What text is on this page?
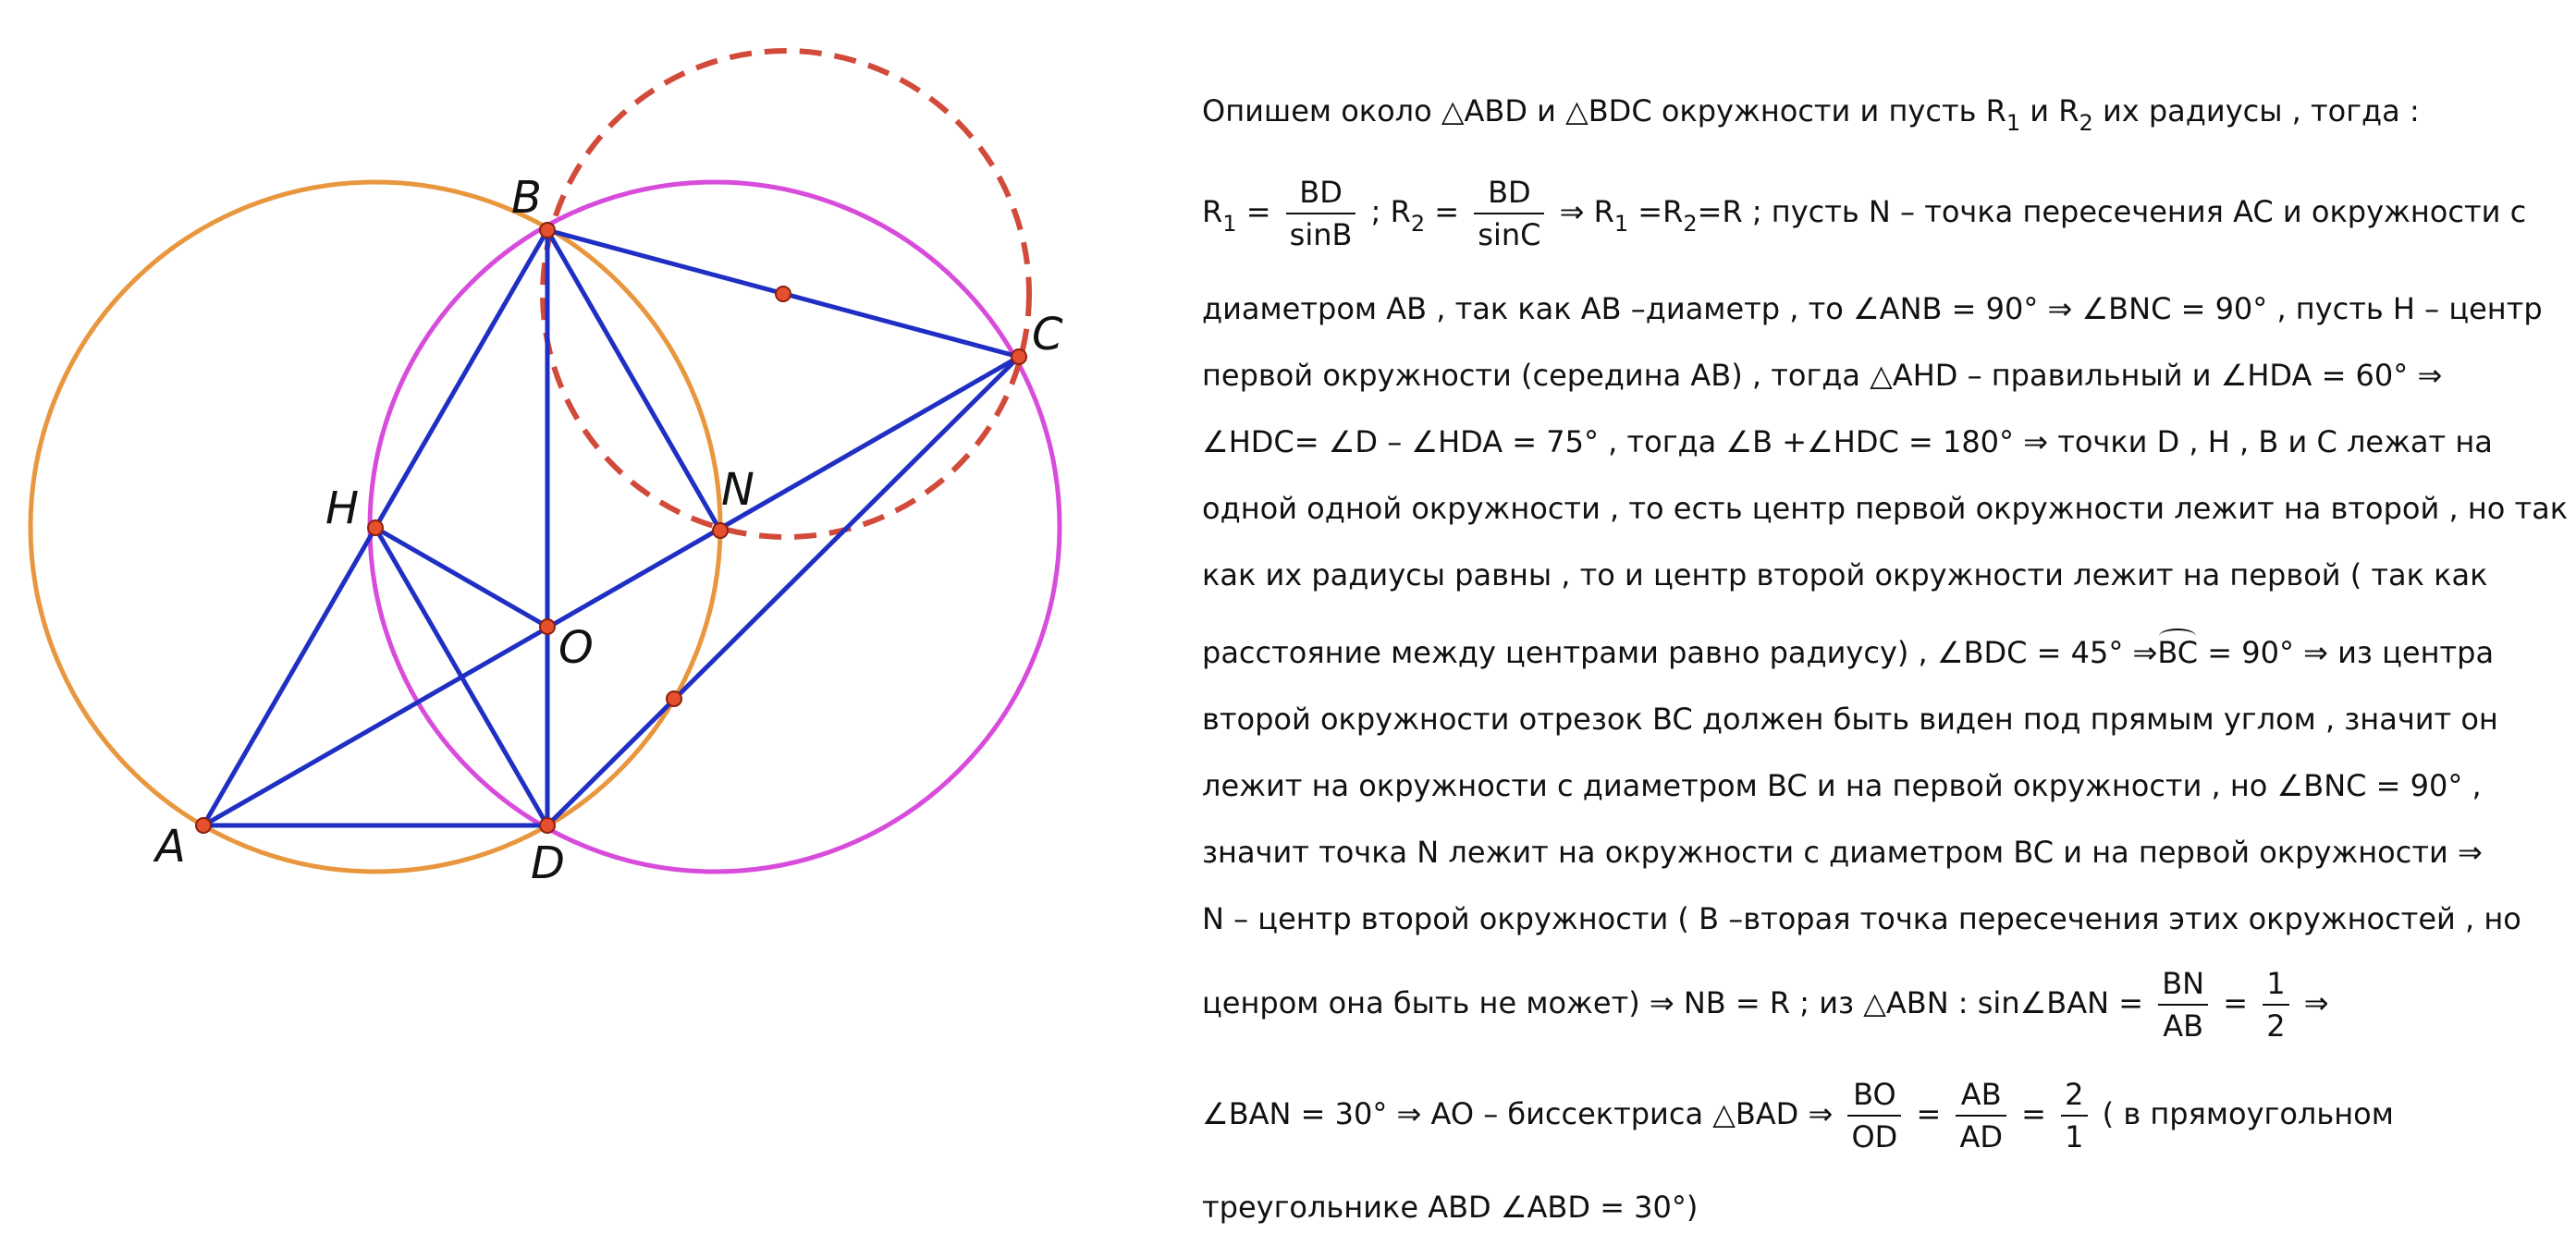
A
B
C
D
H	N
O
Опишем около △ABD и △BDC окружности и пусть $R_1$ и $R_2$ их радиусы , тогда :
$R_1 = \frac{BD}{\sin B}$ ; $R_2 = \frac{BD}{\sin C}$ ⇒ $R_1 =R_2=R$ ; пусть N – точка пересечения AC и окружности с
диаметром AB , так как AB –диаметр , то ∠ANB = 90° ⇒ ∠BNC = 90° , пусть H – центр
первой окружности (середина AB) , тогда △AHD – правильный и ∠HDA = 60° ⇒
∠HDC= ∠D – ∠HDA = 75° , тогда ∠B +∠HDC = 180° ⇒ точки D , H , B и C лежат на
одной одной окружности , то есть центр первой окружности лежит на второй , но так
как их радиусы равны , то и центр второй окружности лежит на первой ( так как
расстояние между центрами равно радиусу) , ∠BDC = 45° ⇒BC = 90° ⇒ из центра
второй окружности отрезок BC должен быть виден под прямым углом , значит он
лежит на окружности с диаметром BC и на первой окружности , но ∠BNC = 90° ,
значит точка N лежит на окружности с диаметром BC и на первой окружности ⇒
N – центр второй окружности ( B –вторая точка пересечения этих окружностей , но
ценром она быть не может) ⇒ NB = R ; из △ABN : sin∠BAN = $\frac{BN}{AB} = \frac{1}{2}$ ⇒
∠BAN = 30° ⇒ AO – биссектриса △BAD ⇒ $\frac{BO}{OD} = \frac{AB}{AD} = \frac{2}{1}$ ( в прямоугольном
треугольнике ABD ∠ABD = 30°)
